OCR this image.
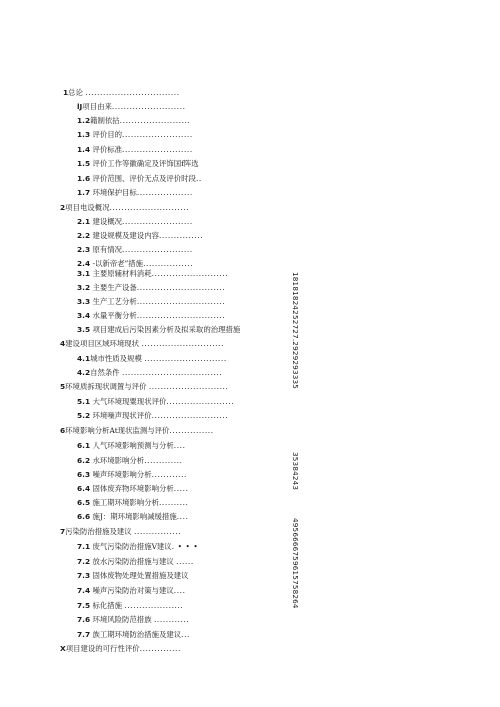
1总论 ................................
lJ项目由来.........................
1.2籍制依拈........................
1.3 评价目的........................
1.4 评价标准........................
1.5 评价工作等徽确定及评饰国f阵选
1.6 评价范围、评价无点及评价时段..
1.7 环境保护目标...................
2项目电设概况...........................
2.1 建设概况........................
2.2 建设规模及建设内容...............
2.3 原有情况........................
2.4 -以新帝老”措施.................
3.1 主要原辅材料消耗..........................
3.2 主要生产设备..............................
3.3 生产工艺分析..............................
3.4 水量平衡分析..............................
3.5 项目建成后污染因素分析及拟采取的治理措施
4建设项目区域环境现状 ............................
4.1城市性质及规模 ............................
4.2自然条件 ..................................
5环境质拆现状调置与评价 ...........................
5.1 大气环境现粟现状评价.......................
5.2 环境噪声现状评价..........................
6环境影响分析At现状监测与评价...............
6.1 人气环境影响预测与分析....
6.2 水环境影响分析.............
6.3 噪声环境影响分析............
6.4 固体废弃物环境影响分析.....
6.5 施工期环境影响分析..........
6.6 施J：期环境影响减缓措施....
7污染防治措施及建议 ................
7.1 废气污染防治措施V建议. • • •
7.2 放水污染防治措施与建议 ......
7.3 固体废物处理处置措施及建议
7.4 噪声污染防治对策与建议....
7.5 标化措施 ....................
7.6 环境风险防范措族 ............
7.7 族工期环境防治措施及建议...
X项目建设的可行性评价..............
18181824252727.2929293335
35384243
4956666759615758264
